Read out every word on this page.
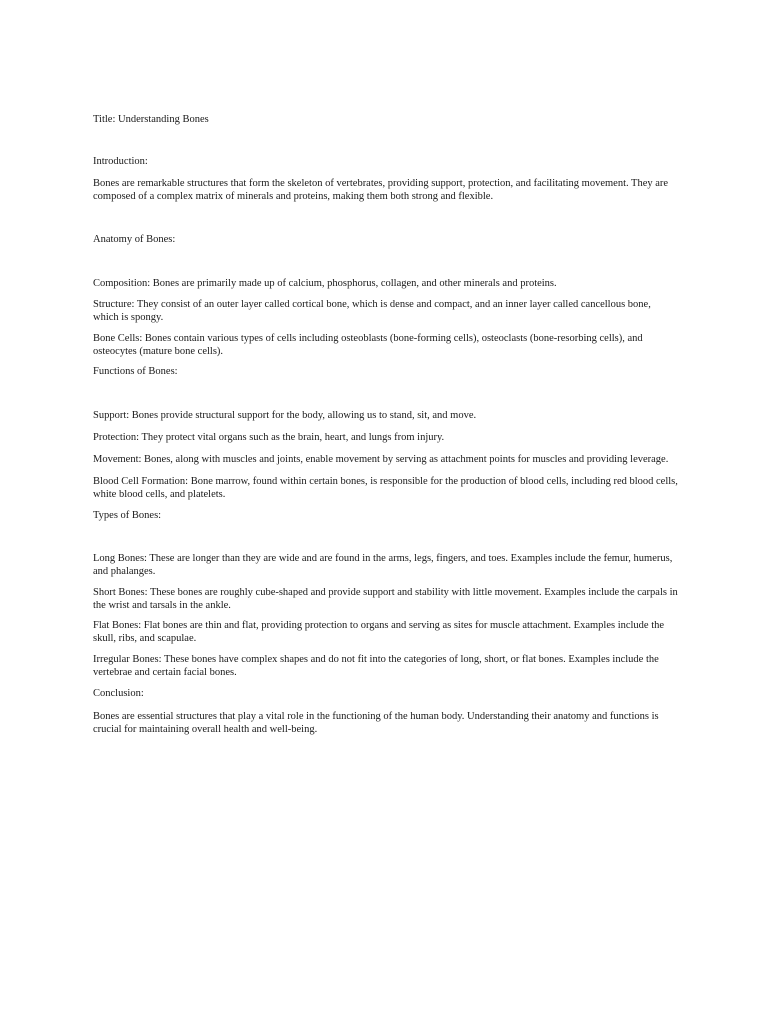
Title: Understanding Bones

Introduction:

Bones are remarkable structures that form the skeleton of vertebrates, providing support, protection, and facilitating movement. They are composed of a complex matrix of minerals and proteins, making them both strong and flexible.

Anatomy of Bones:

Composition: Bones are primarily made up of calcium, phosphorus, collagen, and other minerals and proteins.

Structure: They consist of an outer layer called cortical bone, which is dense and compact, and an inner layer called cancellous bone, which is spongy.

Bone Cells: Bones contain various types of cells including osteoblasts (bone-forming cells), osteoclasts (bone-resorbing cells), and osteocytes (mature bone cells).

Functions of Bones:

Support: Bones provide structural support for the body, allowing us to stand, sit, and move.

Protection: They protect vital organs such as the brain, heart, and lungs from injury.

Movement: Bones, along with muscles and joints, enable movement by serving as attachment points for muscles and providing leverage.

Blood Cell Formation: Bone marrow, found within certain bones, is responsible for the production of blood cells, including red blood cells, white blood cells, and platelets.

Types of Bones:

Long Bones: These are longer than they are wide and are found in the arms, legs, fingers, and toes. Examples include the femur, humerus, and phalanges.

Short Bones: These bones are roughly cube-shaped and provide support and stability with little movement. Examples include the carpals in the wrist and tarsals in the ankle.

Flat Bones: Flat bones are thin and flat, providing protection to organs and serving as sites for muscle attachment. Examples include the skull, ribs, and scapulae.

Irregular Bones: These bones have complex shapes and do not fit into the categories of long, short, or flat bones. Examples include the vertebrae and certain facial bones.

Conclusion:

Bones are essential structures that play a vital role in the functioning of the human body. Understanding their anatomy and functions is crucial for maintaining overall health and well-being.
